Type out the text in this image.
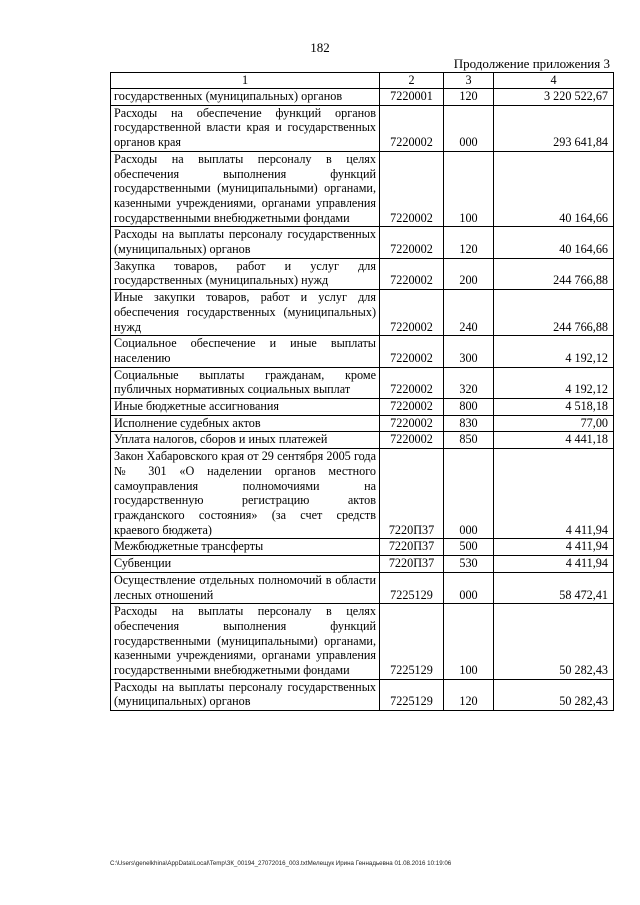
182
Продолжение приложения 3
1	2	3	4
государственных (муниципальных) органов	7220001	120	3 220 522,67
Расходы на обеспечение функций органов государственной власти края и государственных органов края	7220002	000	293 641,84
Расходы на выплаты персоналу в целях обеспечения выполнения функций государственными (муниципальными) органами, казенными учреждениями, органами управления государственными внебюджетными фондами	7220002	100	40 164,66
Расходы на выплаты персоналу государственных (муниципальных) органов	7220002	120	40 164,66
Закупка товаров, работ и услуг для государственных (муниципальных) нужд	7220002	200	244 766,88
Иные закупки товаров, работ и услуг для обеспечения государственных (муниципальных) нужд	7220002	240	244 766,88
Социальное обеспечение и иные выплаты населению	7220002	300	4 192,12
Социальные выплаты гражданам, кроме публичных нормативных социальных выплат	7220002	320	4 192,12
Иные бюджетные ассигнования	7220002	800	4 518,18
Исполнение судебных актов	7220002	830	77,00
Уплата налогов, сборов и иных платежей	7220002	850	4 441,18
Закон Хабаровского края от 29 сентября 2005 года № 301 «О наделении органов местного самоуправления полномочиями на государственную регистрацию актов гражданского состояния» (за счет средств краевого бюджета)	7220П37	000	4 411,94
Межбюджетные трансферты	7220П37	500	4 411,94
Субвенции	7220П37	530	4 411,94
Осуществление отдельных полномочий в области лесных отношений	7225129	000	58 472,41
Расходы на выплаты персоналу в целях обеспечения выполнения функций государственными (муниципальными) органами, казенными учреждениями, органами управления государственными внебюджетными фондами	7225129	100	50 282,43
Расходы на выплаты персоналу государственных (муниципальных) органов	7225129	120	50 282,43
C:\Users\genelkhina\AppData\Local\Temp\ЗК_00194_27072016_003.txtМелещук Ирина Геннадьевна 01.08.2016 10:19:06
